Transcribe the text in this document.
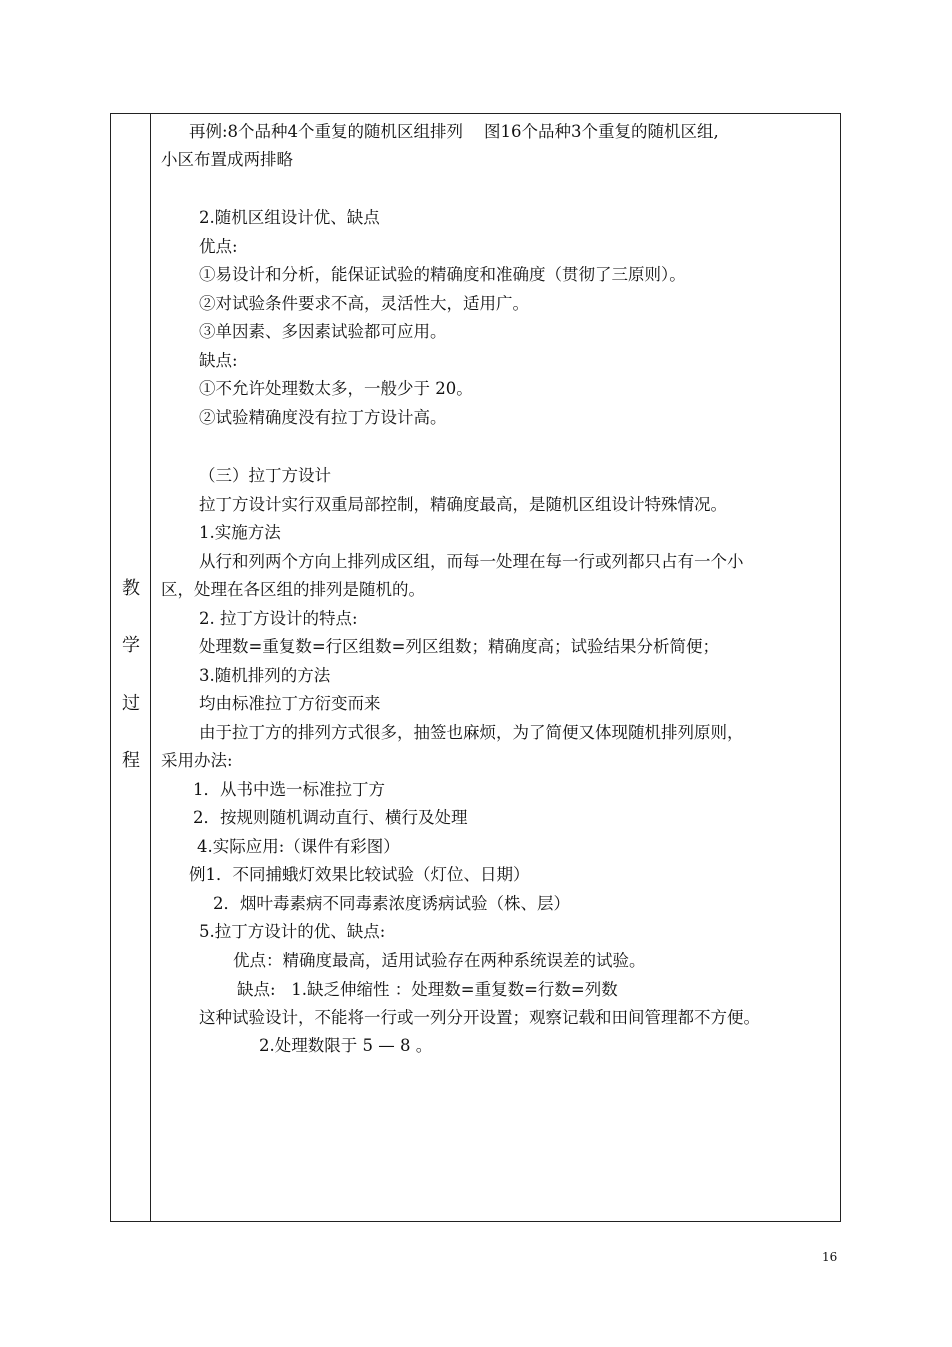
教
学
过
程
再例:8个品种4个重复的随机区组排列    图16个品种3个重复的随机区组,
小区布置成两排略
2.随机区组设计优、缺点
优点:
①易设计和分析，能保证试验的精确度和准确度（贯彻了三原则）。
②对试验条件要求不高，灵活性大，适用广。
③单因素、多因素试验都可应用。
缺点:
①不允许处理数太多，一般少于 20。
②试验精确度没有拉丁方设计高。
（三）拉丁方设计
拉丁方设计实行双重局部控制，精确度最高，是随机区组设计特殊情况。
1.实施方法
从行和列两个方向上排列成区组，而每一处理在每一行或列都只占有一个小
区，处理在各区组的排列是随机的。
2. 拉丁方设计的特点:
处理数=重复数=行区组数=列区组数；精确度高；试验结果分析简便；
3.随机排列的方法
均由标准拉丁方衍变而来
由于拉丁方的排列方式很多，抽签也麻烦，为了简便又体现随机排列原则，
采用办法:
1．从书中选一标准拉丁方
2．按规则随机调动直行、横行及处理
4.实际应用:（课件有彩图）
例1．不同捕蛾灯效果比较试验（灯位、日期）
2．烟叶毒素病不同毒素浓度诱病试验（株、层）
5.拉丁方设计的优、缺点:
优点：精确度最高，适用试验存在两种系统误差的试验。
缺点:   1.缺乏伸缩性 ：处理数=重复数=行数=列数
这种试验设计，不能将一行或一列分开设置；观察记载和田间管理都不方便。
2.处理数限于 5 — 8 。
16
